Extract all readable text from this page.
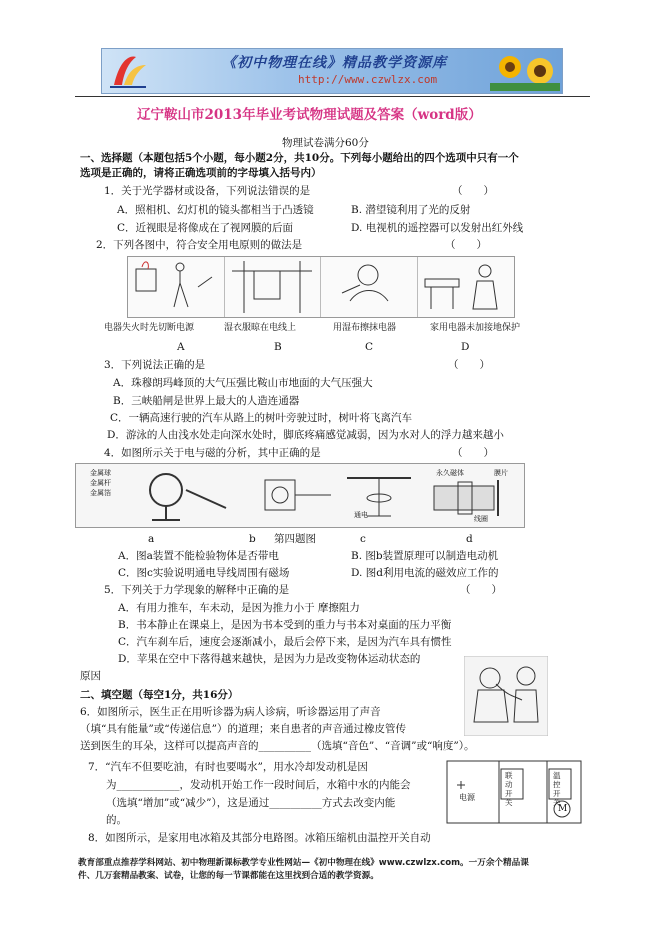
《初中物理在线》精品教学资源库
http://www.czwlzx.com
辽宁鞍山市2013年毕业考试物理试题及答案（word版）
物理试卷满分60分
一、选择题（本题包括5个小题，每小题2分，共10分。下列每小题给出的四个选项中只有一个
选项是正确的，请将正确选项前的字母填入括号内）
1．关于光学器材或设备，下列说法错误的是	（　　）
A．照相机、幻灯机的镜头都相当于凸透镜	B. 潜望镜利用了光的反射
C．近视眼是将像成在了视网膜的后面	D. 电视机的遥控器可以发射出红外线
2．下列各图中，符合安全用电原则的做法是	（　　）
电器失火时先切断电源	湿衣服晾在电线上	用湿布擦抹电器	家用电器未加接地保护
A	B	C	D
3．下列说法正确的是	（　　）
A．珠穆朗玛峰顶的大气压强比鞍山市地面的大气压强大
B．三峡船闸是世界上最大的人造连通器
C．一辆高速行驶的汽车从路上的树叶旁驶过时，树叶将飞离汽车
D．游泳的人由浅水处走向深水处时，脚底疼痛感觉减弱，因为水对人的浮力越来越小
4．如图所示关于电与磁的分析，其中正确的是	（　　）
金属球
金属杆
金属箔
通电
永久磁体	膜片
线圈
a	b 第四题图	c	d
A．图a装置不能检验物体是否带电	B. 图b装置原理可以制造电动机
C．图c实验说明通电导线周围有磁场	D. 图d利用电流的磁效应工作的
5．下列关于力学现象的解释中正确的是	（　　）
A．有用力推车，车未动，是因为推力小于 摩擦阻力
B．书本静止在课桌上，是因为书本受到的重力与书本对桌面的压力平衡
C．汽车刹车后，速度会逐渐减小，最后会停下来，是因为汽车具有惯性
D．苹果在空中下落得越来越快，是因为力是改变物体运动状态的
原因
二、填空题（每空1分，共16分）
6．如图所示，医生正在用听诊器为病人诊病，听诊器运用了声音
（填“具有能量”或“传递信息”）的道理；来自患者的声音通过橡皮管传
送到医生的耳朵，这样可以提高声音的__________（选填“音色”、“音调”或“响度”）。
7．“汽车不但要吃油，有时也要喝水”，用水冷却发动机是因
为____________，发动机开始工作一段时间后，水箱中水的内能会
（选填“增加”或“减少”），这是通过__________方式去改变内能
的。
8．如图所示，是家用电冰箱及其部分电路图。冰箱压缩机由温控开关自动
电源
联动开关
温控开关
M
教育部重点推荐学科网站、初中物理新课标教学专业性网站—《初中物理在线》www.czwlzx.com。一万余个精品课
件、几万套精品教案、试卷，让您的每一节课都能在这里找到合适的教学资源。
